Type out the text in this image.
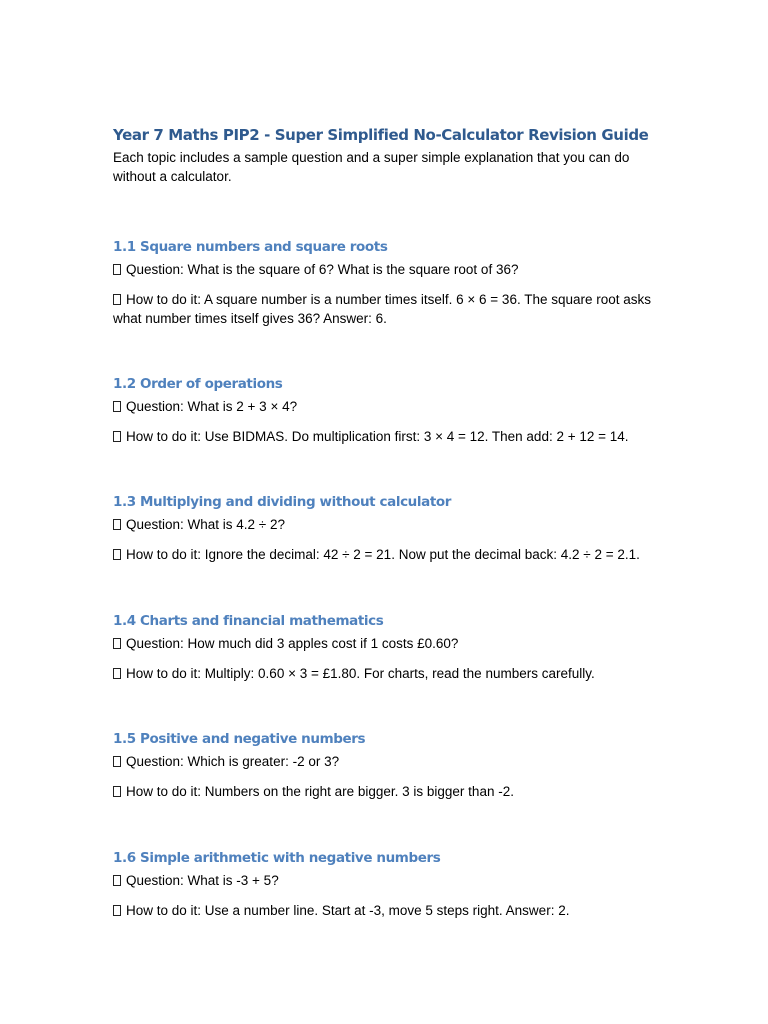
Year 7 Maths PIP2 - Super Simplified No-Calculator Revision Guide

Each topic includes a sample question and a super simple explanation that you can do without a calculator.

1.1 Square numbers and square roots

Question: What is the square of 6? What is the square root of 36?

How to do it: A square number is a number times itself. 6 × 6 = 36. The square root asks what number times itself gives 36? Answer: 6.

1.2 Order of operations

Question: What is 2 + 3 × 4?

How to do it: Use BIDMAS. Do multiplication first: 3 × 4 = 12. Then add: 2 + 12 = 14.

1.3 Multiplying and dividing without calculator

Question: What is 4.2 ÷ 2?

How to do it: Ignore the decimal: 42 ÷ 2 = 21. Now put the decimal back: 4.2 ÷ 2 = 2.1.

1.4 Charts and financial mathematics

Question: How much did 3 apples cost if 1 costs £0.60?

How to do it: Multiply: 0.60 × 3 = £1.80. For charts, read the numbers carefully.

1.5 Positive and negative numbers

Question: Which is greater: -2 or 3?

How to do it: Numbers on the right are bigger. 3 is bigger than -2.

1.6 Simple arithmetic with negative numbers

Question: What is -3 + 5?

How to do it: Use a number line. Start at -3, move 5 steps right. Answer: 2.
